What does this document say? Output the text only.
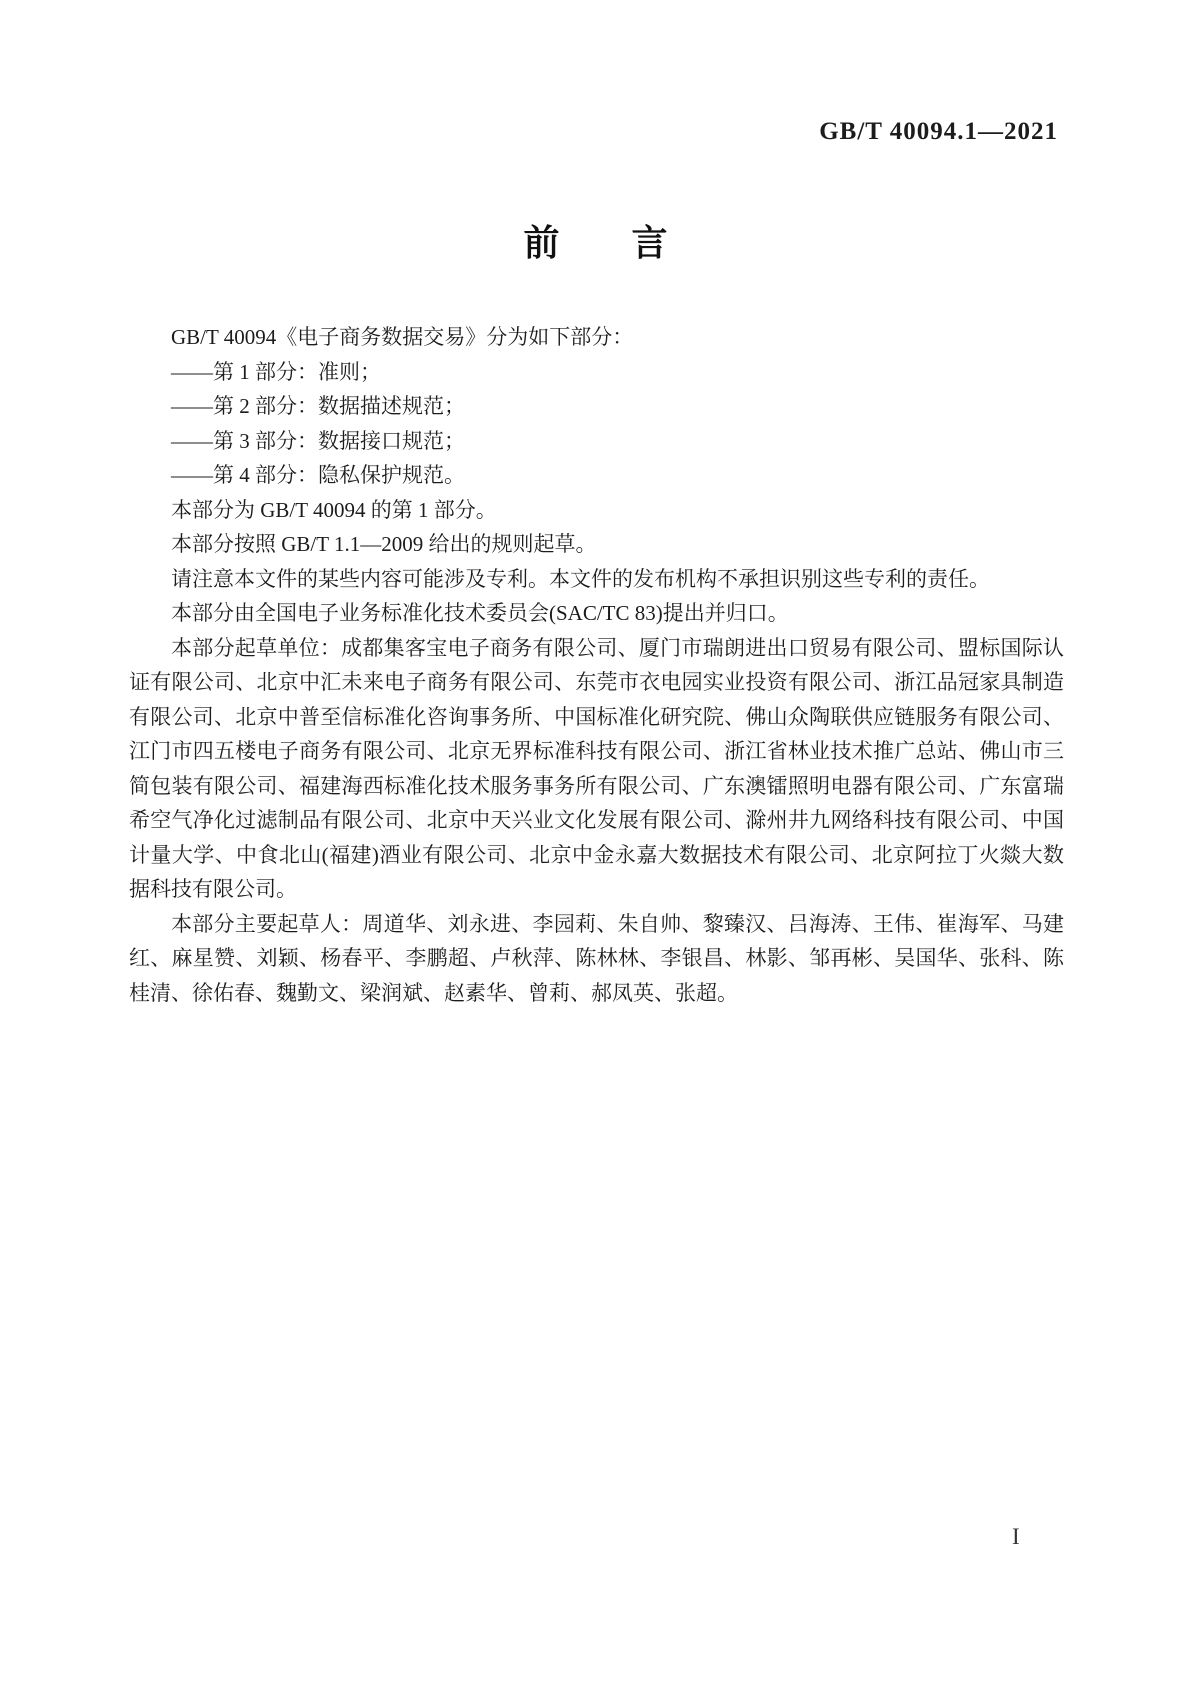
GB/T 40094.1—2021
前　　言

GB/T 40094《电子商务数据交易》分为如下部分：

——第 1 部分：准则；

——第 2 部分：数据描述规范；

——第 3 部分：数据接口规范；

——第 4 部分：隐私保护规范。

本部分为 GB/T 40094 的第 1 部分。

本部分按照 GB/T 1.1—2009 给出的规则起草。

请注意本文件的某些内容可能涉及专利。本文件的发布机构不承担识别这些专利的责任。

本部分由全国电子业务标准化技术委员会(SAC/TC 83)提出并归口。

本部分起草单位：成都集客宝电子商务有限公司、厦门市瑞朗进出口贸易有限公司、盟标国际认证有限公司、北京中汇未来电子商务有限公司、东莞市衣电园实业投资有限公司、浙江品冠家具制造有限公司、北京中普至信标准化咨询事务所、中国标准化研究院、佛山众陶联供应链服务有限公司、江门市四五楼电子商务有限公司、北京无界标准科技有限公司、浙江省林业技术推广总站、佛山市三简包装有限公司、福建海西标准化技术服务事务所有限公司、广东澳镭照明电器有限公司、广东富瑞希空气净化过滤制品有限公司、北京中天兴业文化发展有限公司、滁州井九网络科技有限公司、中国计量大学、中食北山(福建)酒业有限公司、北京中金永嘉大数据技术有限公司、北京阿拉丁火燚大数据科技有限公司。

本部分主要起草人：周道华、刘永进、李园莉、朱自帅、黎臻汉、吕海涛、王伟、崔海军、马建红、麻星赞、刘颖、杨春平、李鹏超、卢秋萍、陈林林、李银昌、林影、邹再彬、吴国华、张科、陈桂清、徐佑春、魏勤文、梁润斌、赵素华、曾莉、郝凤英、张超。

I
